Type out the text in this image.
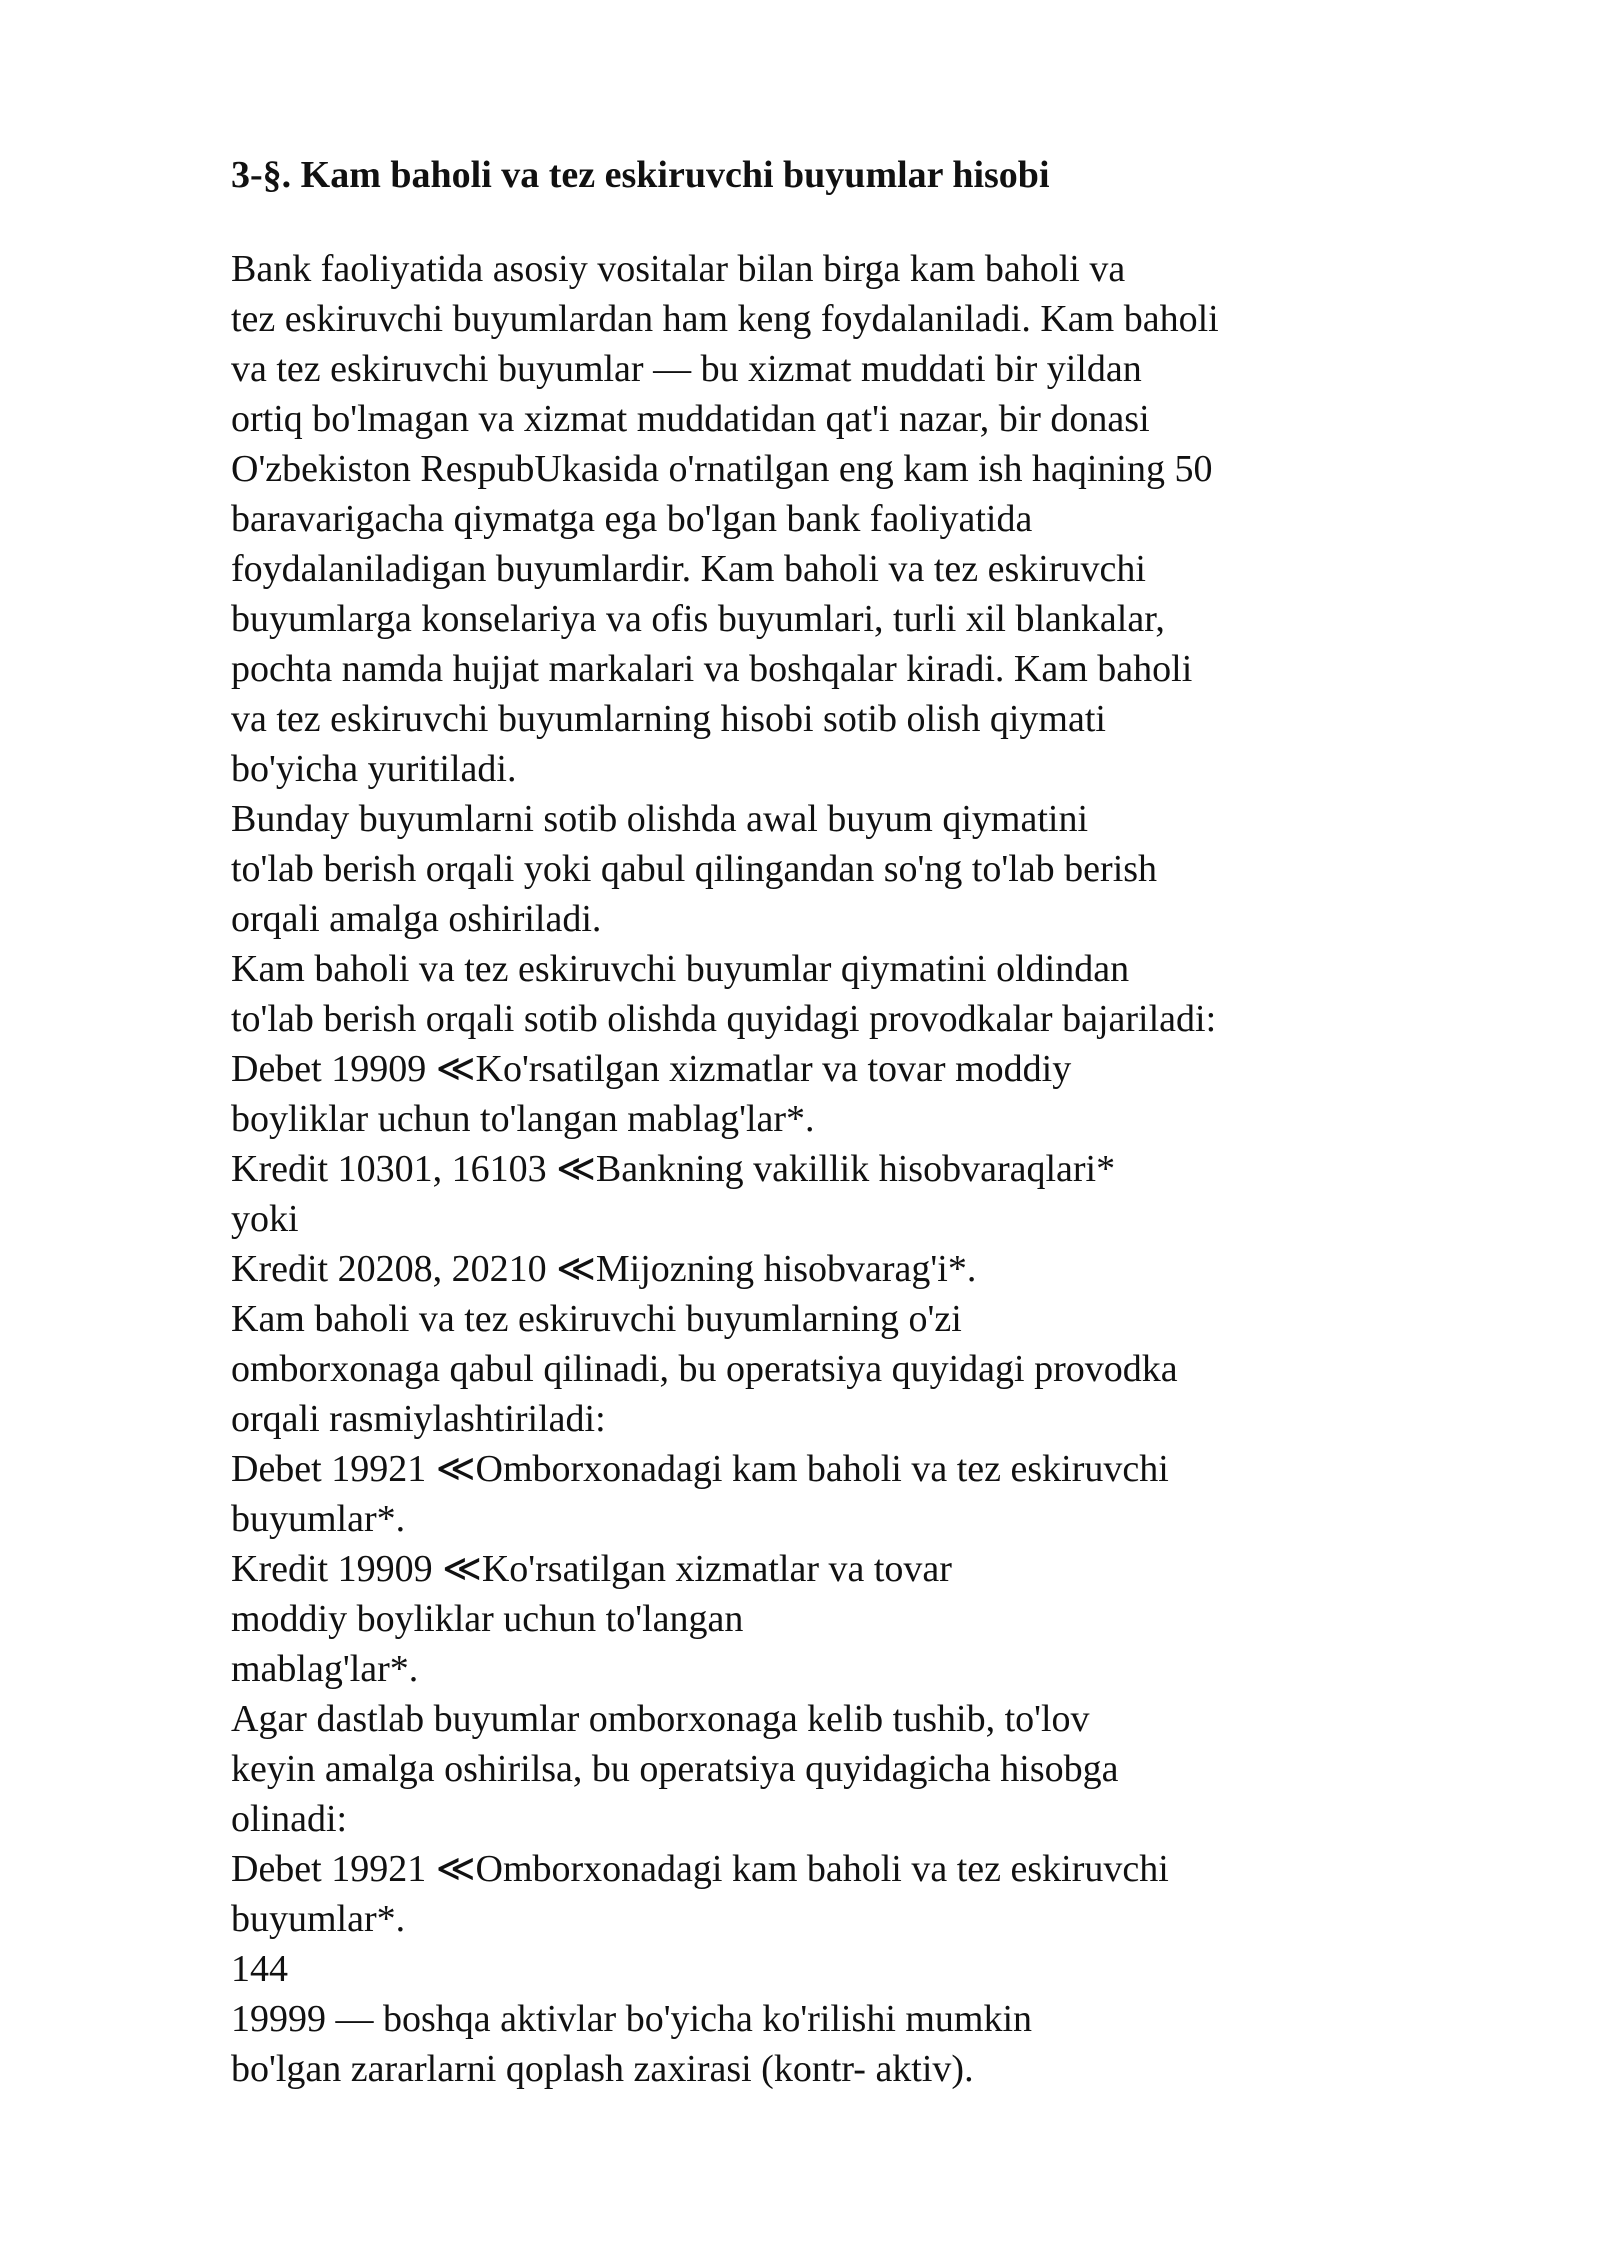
3-§. Kam baholi va tez eskiruvchi buyumlar hisobi
Bank faoliyatida asosiy vositalar bilan birga kam baholi va
tez eskiruvchi buyumlardan ham keng foydalaniladi. Kam baholi
va tez eskiruvchi buyumlar — bu xizmat muddati bir yildan
ortiq bo'lmagan va xizmat muddatidan qat'i nazar, bir donasi
O'zbekiston RespubUkasida o'rnatilgan eng kam ish haqining 50
baravarigacha qiymatga ega bo'lgan bank faoliyatida
foydalaniladigan buyumlardir. Kam baholi va tez eskiruvchi
buyumlarga konselariya va ofis buyumlari, turli xil blankalar,
pochta namda hujjat markalari va boshqalar kiradi. Kam baholi
va tez eskiruvchi buyumlarning hisobi sotib olish qiymati
bo'yicha yuritiladi.
Bunday buyumlarni sotib olishda awal buyum qiymatini
to'lab berish orqali yoki qabul qilingandan so'ng to'lab berish
orqali amalga oshiriladi.
Kam baholi va tez eskiruvchi buyumlar qiymatini oldindan
to'lab berish orqali sotib olishda quyidagi provodkalar bajariladi:
Debet 19909 ≪Ko'rsatilgan xizmatlar va tovar moddiy
boyliklar uchun to'langan mablag'lar*.
Kredit 10301, 16103 ≪Bankning vakillik hisobvaraqlari*
yoki
Kredit 20208, 20210 ≪Mijozning hisobvarag'i*.
Kam baholi va tez eskiruvchi buyumlarning o'zi
omborxonaga qabul qilinadi, bu operatsiya quyidagi provodka
orqali rasmiylashtiriladi:
Debet 19921 ≪Omborxonadagi kam baholi va tez eskiruvchi
buyumlar*.
Kredit 19909 ≪Ko'rsatilgan xizmatlar va tovar
moddiy boyliklar uchun to'langan
mablag'lar*.
Agar dastlab buyumlar omborxonaga kelib tushib, to'lov
keyin amalga oshirilsa, bu operatsiya quyidagicha hisobga
olinadi:
Debet 19921 ≪Omborxonadagi kam baholi va tez eskiruvchi
buyumlar*.
144
19999 — boshqa aktivlar bo'yicha ko'rilishi mumkin
bo'lgan zararlarni qoplash zaxirasi (kontr- aktiv).
